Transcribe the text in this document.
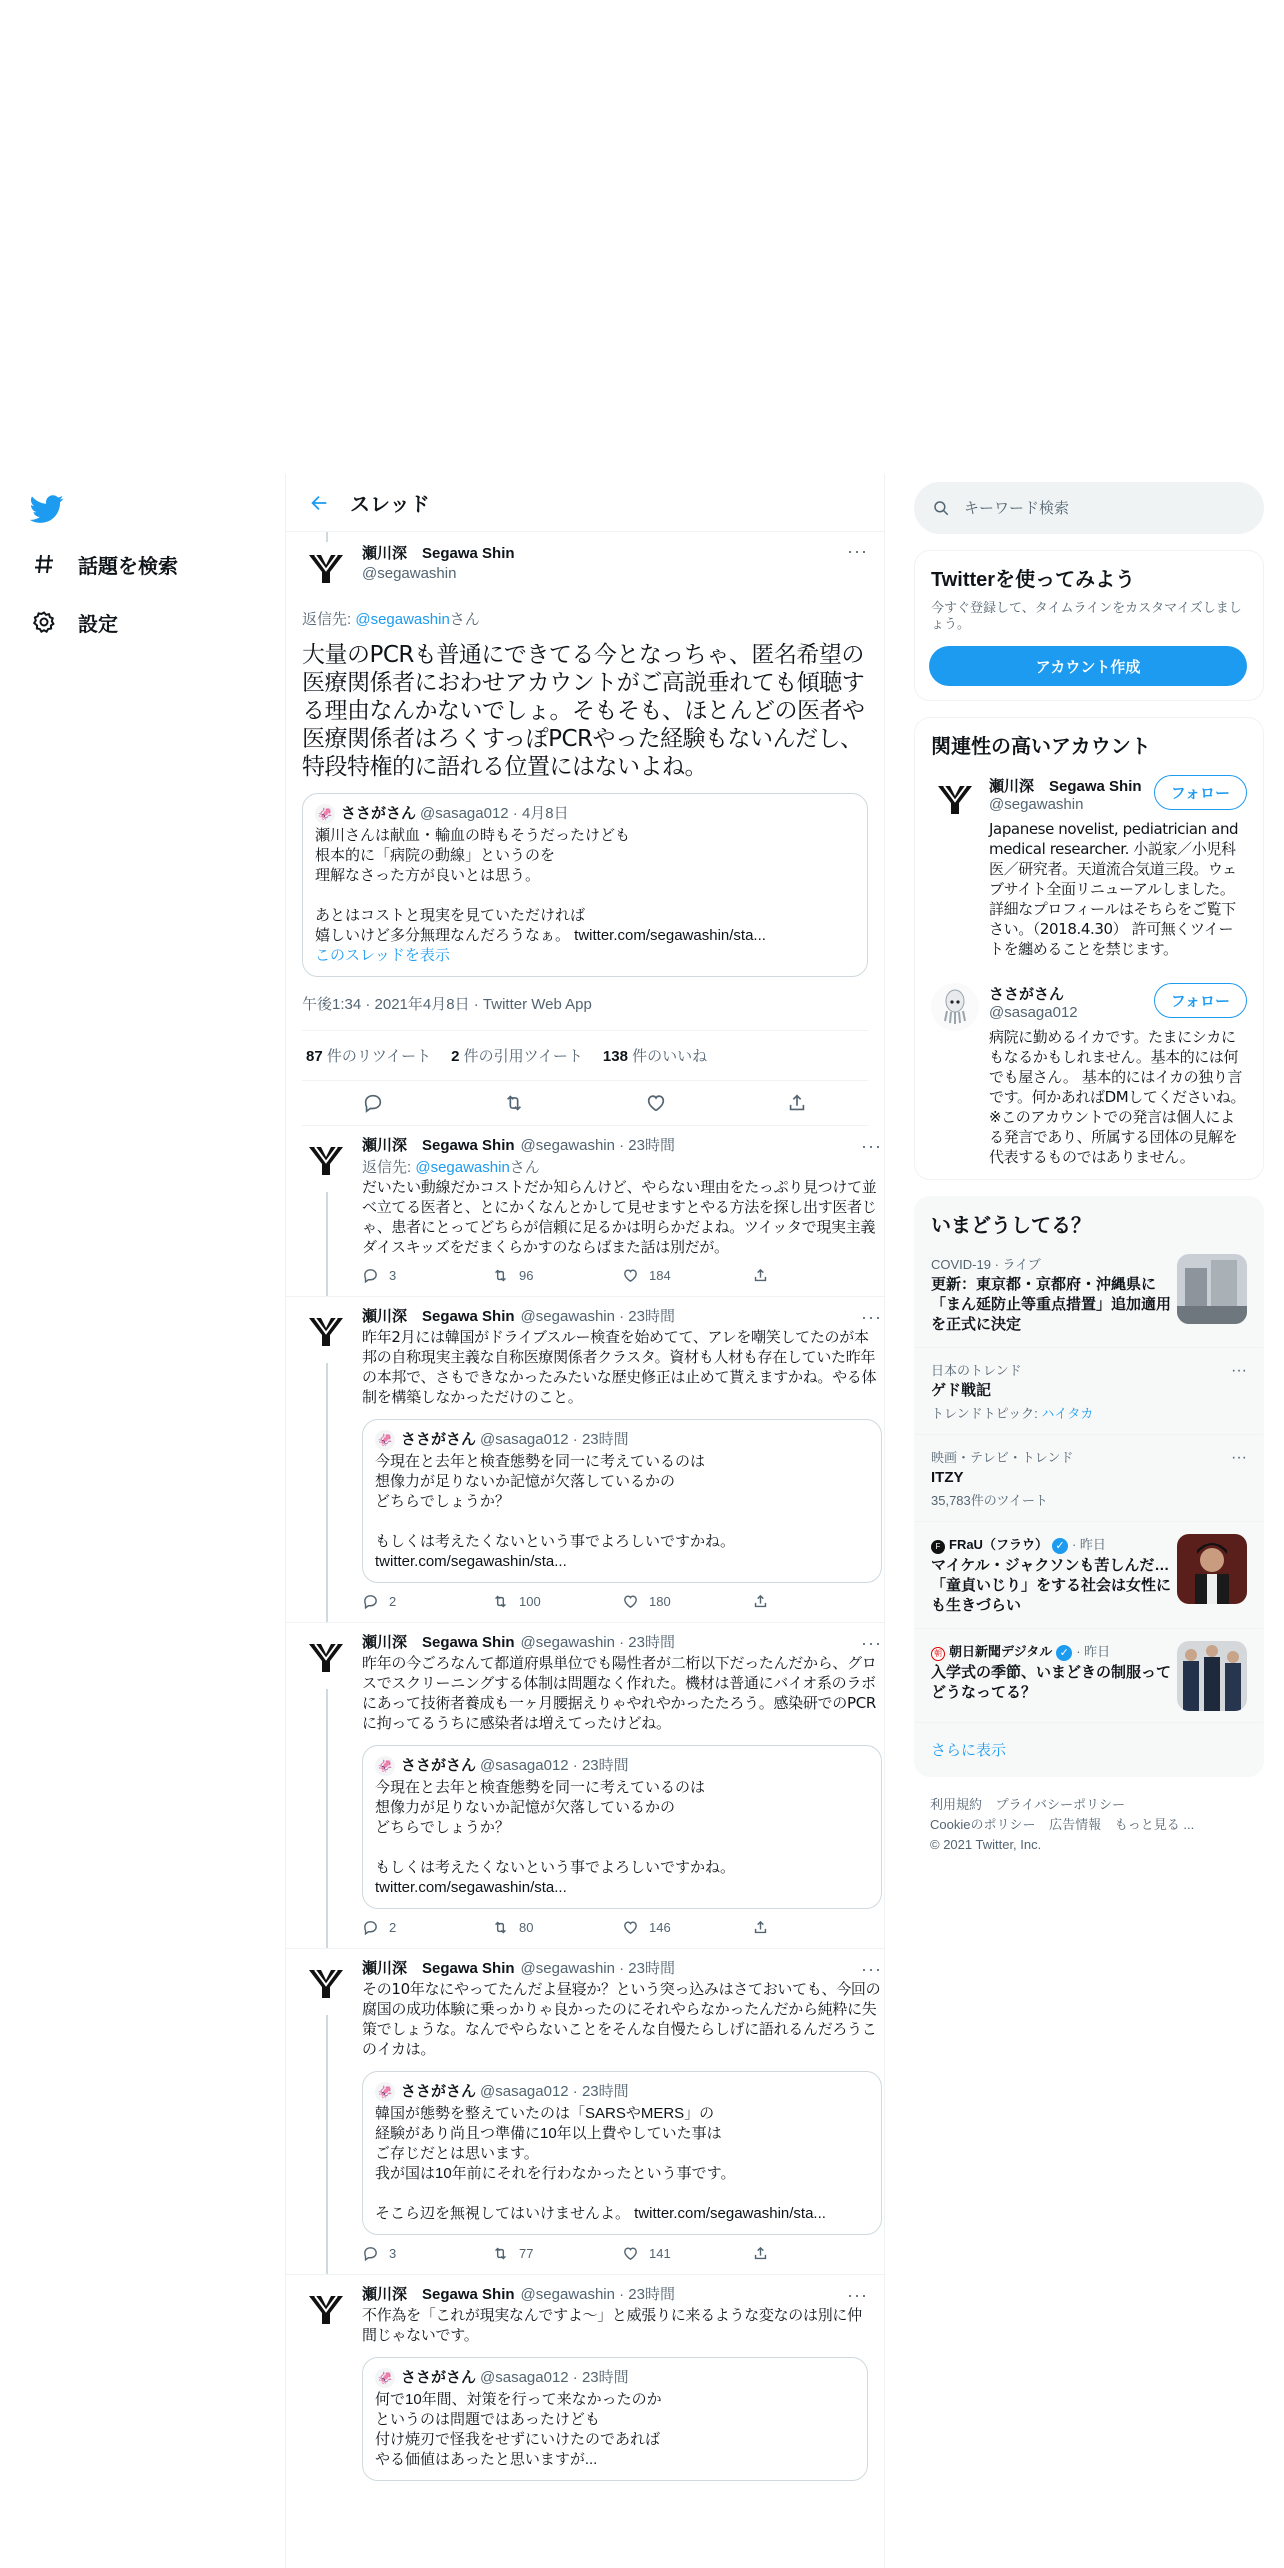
話題を検索
設定
スレッド
瀬川深　Segawa Shin
@segawashin
···
返信先: @segawashinさん
大量のPCRも普通にできてる今となっちゃ、匿名希望の医療関係者におわせアカウントがご高説垂れても傾聴する理由なんかないでしょ。そもそも、ほとんどの医者や医療関係者はろくすっぽPCRやった経験もないんだし、特段特権的に語れる位置にはないよね。
🦑 ささがさん @sasaga012 · 4月8日
瀬川さんは献血・輸血の時もそうだったけども
根本的に「病院の動線」というのを
理解なさった方が良いとは思う。

あとはコストと現実を見ていただければ
嬉しいけど多分無理なんだろうなぁ。 twitter.com/segawashin/sta...
このスレッドを表示
午後1:34 · 2021年4月8日 · Twitter Web App
87 件のリツイート 2 件の引用ツイート 138 件のいいね
瀬川深　Segawa Shin @segawashin · 23時間	···
返信先: @segawashinさん
だいたい動線だかコストだか知らんけど、やらない理由をたっぷり見つけて並べ立てる医者と、とにかくなんとかして見せますとやる方法を探し出す医者じゃ、患者にとってどちらが信頼に足るかは明らかだよね。ツイッタで現実主義ダイスキッズをだまくらかすのならばまた話は別だが。
3	96	184
瀬川深　Segawa Shin @segawashin · 23時間	···
昨年2月には韓国がドライブスルー検査を始めてて、アレを嘲笑してたのが本邦の自称現実主義な自称医療関係者クラスタ。資材も人材も存在していた昨年の本邦で、さもできなかったみたいな歴史修正は止めて貰えますかね。やる体制を構築しなかっただけのこと。
🦑 ささがさん @sasaga012 · 23時間
今現在と去年と検査態勢を同一に考えているのは
想像力が足りないか記憶が欠落しているかの
どちらでしょうか？

もしくは考えたくないという事でよろしいですかね。
twitter.com/segawashin/sta...
2	100	180
瀬川深　Segawa Shin @segawashin · 23時間	···
昨年の今ごろなんて都道府県単位でも陽性者が二桁以下だったんだから、グロスでスクリーニングする体制は問題なく作れた。機材は普通にバイオ系のラボにあって技術者養成も一ヶ月腰据えりゃやれやかったたろう。感染研でのPCRに拘ってるうちに感染者は増えてったけどね。
🦑 ささがさん @sasaga012 · 23時間
今現在と去年と検査態勢を同一に考えているのは
想像力が足りないか記憶が欠落しているかの
どちらでしょうか？

もしくは考えたくないという事でよろしいですかね。
twitter.com/segawashin/sta...
2	80	146
瀬川深　Segawa Shin @segawashin · 23時間	···
その10年なにやってたんだよ昼寝か？という突っ込みはさておいても、今回の腐国の成功体験に乗っかりゃ良かったのにそれやらなかったんだから純粋に失策でしょうな。なんでやらないことをそんな自慢たらしげに語れるんだろうこのイカは。
🦑 ささがさん @sasaga012 · 23時間
韓国が態勢を整えていたのは「SARSやMERS」の
経験があり尚且つ準備に10年以上費やしていた事は
ご存じだとは思います。
我が国は10年前にそれを行わなかったという事です。

そこら辺を無視してはいけませんよ。 twitter.com/segawashin/sta...
3	77	141
瀬川深　Segawa Shin @segawashin · 23時間	···
不作為を「これが現実なんですよ～」と威張りに来るような変なのは別に仲間じゃないです。
🦑 ささがさん @sasaga012 · 23時間
何で10年間、対策を行って来なかったのか
というのは問題ではあったけども
付け焼刃で怪我をせずにいけたのであれば
やる価値はあったと思いますが...
キーワード検索
Twitterを使ってみよう
今すぐ登録して、タイムラインをカスタマイズしましょう。
アカウント作成
関連性の高いアカウント
瀬川深　Segawa Shin
@segawashin
フォロー
Japanese novelist, pediatrician and medical researcher. 小説家／小児科医／研究者。天道流合気道三段。ウェブサイト全面リニューアルしました。詳細なプロフィールはそちらをご覧下さい。（2018.4.30） 許可無くツイートを纏めることを禁じます。
ささがさん
@sasaga012
フォロー
病院に勤めるイカです。たまにシカにもなるかもしれません。基本的には何でも屋さん。 基本的にはイカの独り言です。何かあればDMしてくださいね。※このアカウントでの発言は個人による発言であり、所属する団体の見解を代表するものではありません。
いまどうしてる？
COVID-19 · ライブ
更新：東京都・京都府・沖縄県に「まん延防止等重点措置」追加適用を正式に決定
日本のトレンド
ゲド戦記
トレンドトピック: ハイタカ
···
映画・テレビ・トレンド
ITZY
35,783件のツイート
···
F FRaU（フラウ） ✓ · 昨日
マイケル・ジャクソンも苦しんだ…「童貞いじり」をする社会は女性にも生きづらい
朝 朝日新聞デジタル ✓ · 昨日
入学式の季節、いまどきの制服ってどうなってる？
さらに表示
利用規約 プライバシーポリシー
Cookieのポリシー 広告情報 もっと見る ...
© 2021 Twitter, Inc.
